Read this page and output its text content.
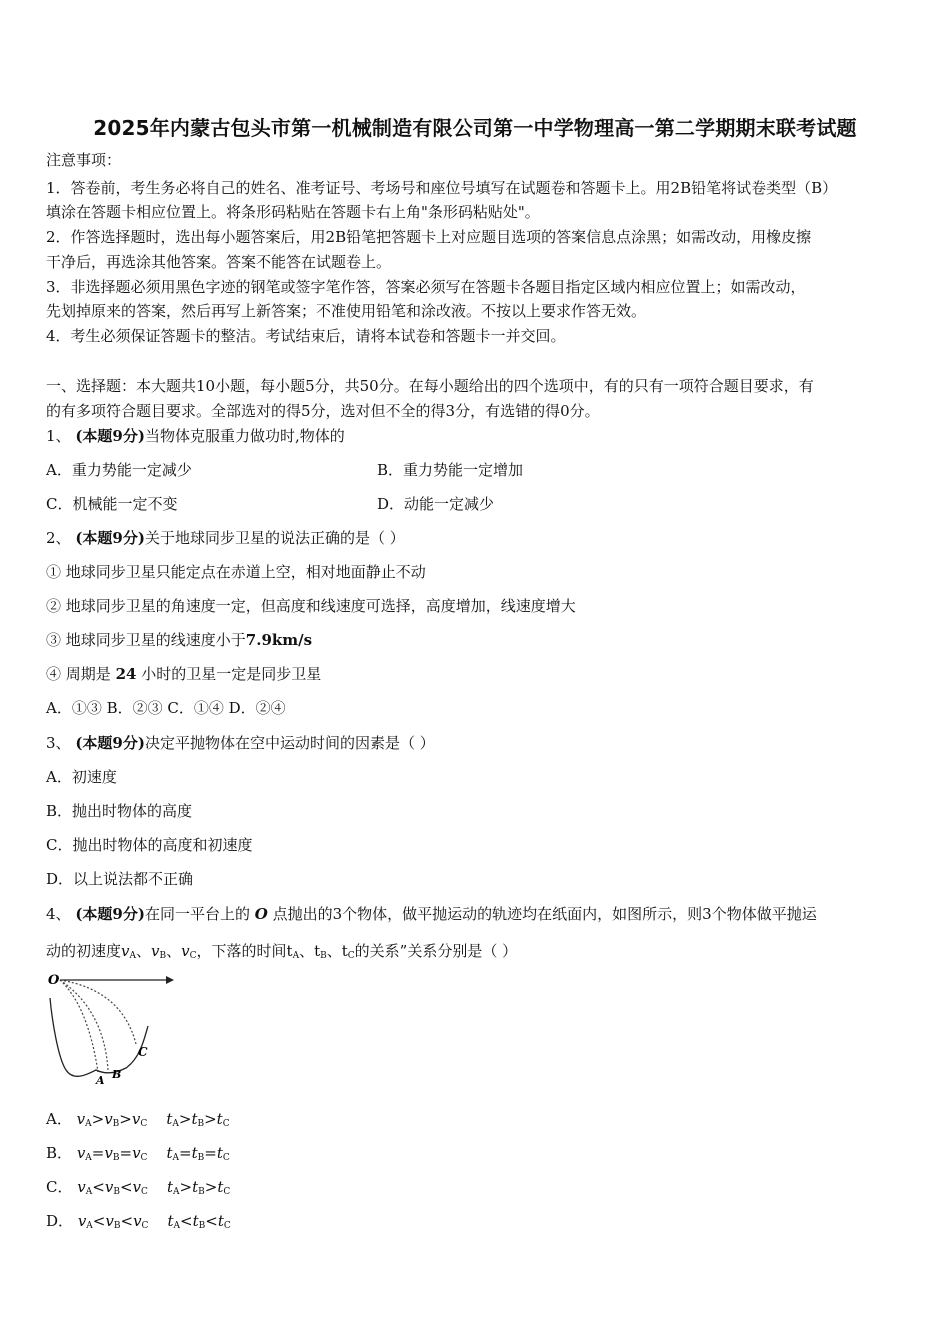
2025年内蒙古包头市第一机械制造有限公司第一中学物理高一第二学期期末联考试题
注意事项：
1．答卷前，考生务必将自己的姓名、准考证号、考场号和座位号填写在试题卷和答题卡上。用2B铅笔将试卷类型（B）
填涂在答题卡相应位置上。将条形码粘贴在答题卡右上角"条形码粘贴处"。
2．作答选择题时，选出每小题答案后，用2B铅笔把答题卡上对应题目选项的答案信息点涂黑；如需改动，用橡皮擦
干净后，再选涂其他答案。答案不能答在试题卷上。
3．非选择题必须用黑色字迹的钢笔或签字笔作答，答案必须写在答题卡各题目指定区域内相应位置上；如需改动，
先划掉原来的答案，然后再写上新答案；不准使用铅笔和涂改液。不按以上要求作答无效。
4．考生必须保证答题卡的整洁。考试结束后，请将本试卷和答题卡一并交回。
一、选择题：本大题共10小题，每小题5分，共50分。在每小题给出的四个选项中，有的只有一项符合题目要求，有
的有多项符合题目要求。全部选对的得5分，选对但不全的得3分，有选错的得0分。
1、 (本题9分)当物体克服重力做功时,物体的
A．重力势能一定减少	B．重力势能一定增加
C．机械能一定不变	D．动能一定减少
2、 (本题9分)关于地球同步卫星的说法正确的是（ ）
① 地球同步卫星只能定点在赤道上空，相对地面静止不动
② 地球同步卫星的角速度一定，但高度和线速度可选择，高度增加，线速度增大
③ 地球同步卫星的线速度小于7.9km/s
④ 周期是 24 小时的卫星一定是同步卫星
A．①③ B．②③ C．①④ D．②④
3、 (本题9分)决定平抛物体在空中运动时间的因素是（ ）
A．初速度
B．抛出时物体的高度
C．抛出时物体的高度和初速度
D．以上说法都不正确
4、 (本题9分)在同一平台上的 O 点抛出的3个物体，做平抛运动的轨迹均在纸面内，如图所示，则3个物体做平抛运
动的初速度$v_A$、$v_B$、$v_C$，下落的时间$t_A$、$t_B$、$t_C$的关系”关系分别是（ ）
O
A B
C
A． $v_A>v_B>v_C$ $t_A>t_B>t_C$
B． $v_A=v_B=v_C$ $t_A=t_B=t_C$
C． $v_A<v_B<v_C$ $t_A>t_B>t_C$
D． $v_A<v_B<v_C$ $t_A<t_B<t_C$
